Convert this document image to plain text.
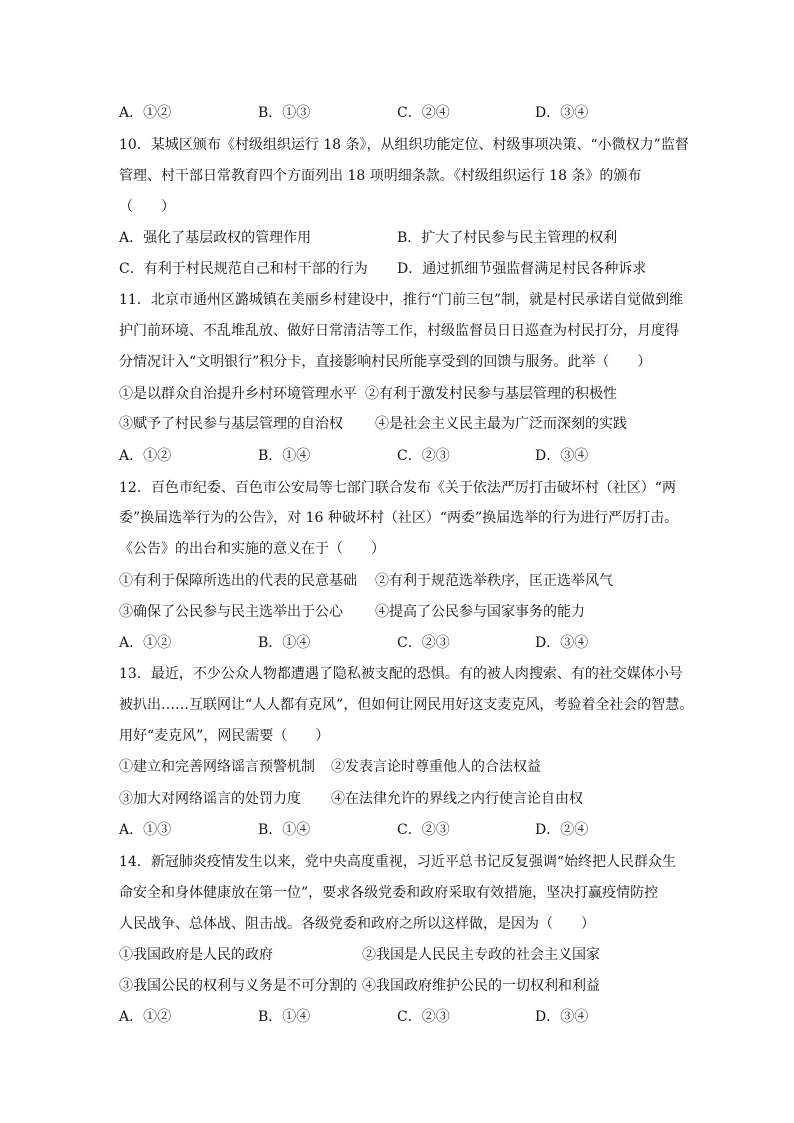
A．①②	B．①③	C．②④	D．③④
10．某城区颁布《村级组织运行 18 条》，从组织功能定位、村级事项决策、“小微权力”监督
管理、村干部日常教育四个方面列出 18 项明细条款。《村级组织运行 18 条》的颁布
（　　）
A．强化了基层政权的管理作用	B．扩大了村民参与民主管理的权利
C．有利于村民规范自己和村干部的行为 D．通过抓细节强监督满足村民各种诉求
11．北京市通州区潞城镇在美丽乡村建设中，推行“门前三包”制，就是村民承诺自觉做到维
护门前环境、不乱堆乱放、做好日常清洁等工作，村级监督员日日巡查为村民打分，月度得
分情况计入“文明银行”积分卡，直接影响村民所能享受到的回馈与服务。此举（　　）
①是以群众自治提升乡村环境管理水平 ②有利于激发村民参与基层管理的积极性
③赋予了村民参与基层管理的自治权 ④是社会主义民主最为广泛而深刻的实践
A．①②	B．①④	C．②③	D．③④
12．百色市纪委、百色市公安局等七部门联合发布《关于依法严厉打击破坏村（社区）“两
委”换届选举行为的公告》，对 16 种破坏村（社区）“两委”换届选举的行为进行严厉打击。
《公告》的出台和实施的意义在于（　　）
①有利于保障所选出的代表的民意基础 ②有利于规范选举秩序，匡正选举风气
③确保了公民参与民主选举出于公心 ④提高了公民参与国家事务的能力
A．①②	B．①④	C．②③	D．③④
13．最近，不少公众人物都遭遇了隐私被支配的恐惧。有的被人肉搜索、有的社交媒体小号
被扒出……互联网让“人人都有克风”，但如何让网民用好这支麦克风，考验着全社会的智慧。
用好“麦克风”，网民需要（　　）
①建立和完善网络谣言预警机制 ②发表言论时尊重他人的合法权益
③加大对网络谣言的处罚力度 ④在法律允许的界线之内行使言论自由权
A．①③	B．①④	C．②③	D．②④
14．新冠肺炎疫情发生以来，党中央高度重视，习近平总书记反复强调“始终把人民群众生
命安全和身体健康放在第一位”，要求各级党委和政府采取有效措施，坚决打赢疫情防控
人民战争、总体战、阻击战。各级党委和政府之所以这样做，是因为（　　）
①我国政府是人民的政府	②我国是人民民主专政的社会主义国家
③我国公民的权利与义务是不可分割的 ④我国政府维护公民的一切权利和利益
A．①②	B．①④	C．②③	D．③④
